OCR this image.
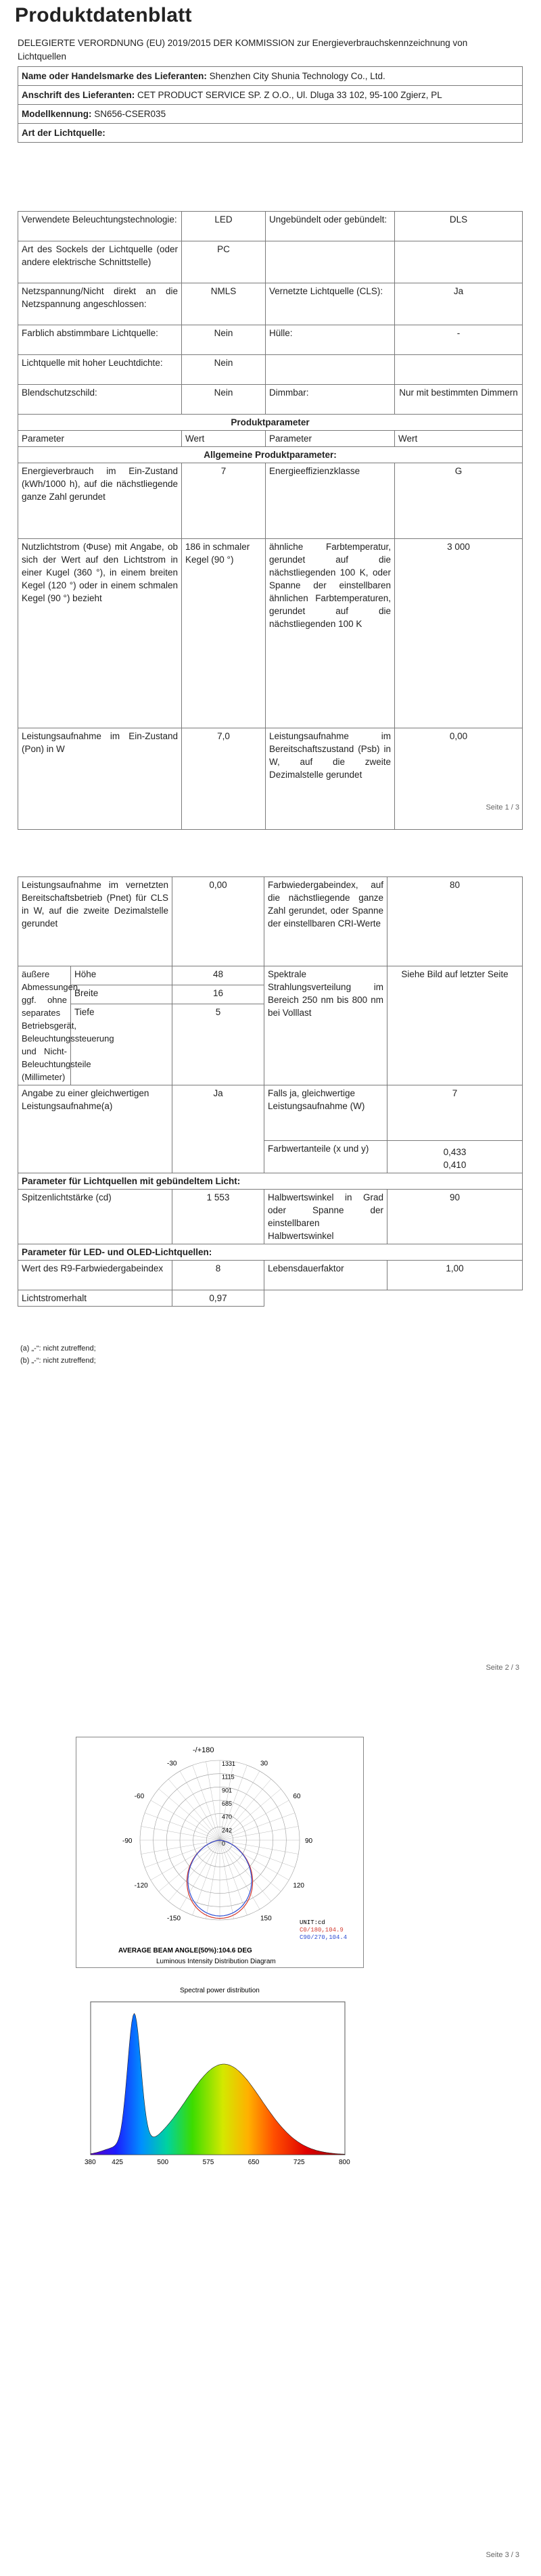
Produktdatenblatt
DELEGIERTE VERORDNUNG (EU) 2019/2015 DER KOMMISSION zur Energieverbrauchskennzeichnung von Lichtquellen
Name oder Handelsmarke des Lieferanten: Shenzhen City Shunia Technology Co., Ltd.
Anschrift des Lieferanten: CET PRODUCT SERVICE SP. Z O.O., Ul. Dluga 33 102, 95-100 Zgierz, PL
Modellkennung: SN656-CSER035
Art der Lichtquelle:
Verwendete Beleuchtungstechnologie:	LED	Ungebündelt oder gebündelt:	DLS
Art des Sockels der Lichtquelle (oder andere elektrische Schnittstelle)	PC		
Netzspannung/Nicht direkt an die Netzspannung angeschlossen:	NMLS	Vernetzte Lichtquelle (CLS):	Ja
Farblich abstimmbare Lichtquelle:	Nein	Hülle:	-
Lichtquelle mit hoher Leuchtdichte:	Nein		
Blendschutzschild:	Nein	Dimmbar:	Nur mit bestimmten Dimmern
Produktparameter			
Parameter	Wert	Parameter	Wert
Allgemeine Produktparameter:			
Energieverbrauch im Ein-Zustand (kWh/1000 h), auf die nächstliegende ganze Zahl gerundet	7	Energieeffizienzklasse	G
Nutzlichtstrom (Φuse) mit Angabe, ob sich der Wert auf den Lichtstrom in einer Kugel (360 °), in einem breiten Kegel (120 °) oder in einem schmalen Kegel (90 °) bezieht	186 in schmaler Kegel (90 °)	ähnliche Farbtemperatur, gerundet auf die nächstliegenden 100 K, oder Spanne der einstellbaren ähnlichen Farbtemperaturen, gerundet auf die nächstliegenden 100 K	3 000
Leistungsaufnahme im Ein-Zustand (Pon) in W	7,0	Leistungsaufnahme im Bereitschaftszustand (Psb) in W, auf die zweite Dezimalstelle gerundet	0,00
Seite 1 / 3
Leistungsaufnahme im vernetzten Bereitschaftsbetrieb (Pnet) für CLS in W, auf die zweite Dezimalstelle gerundet		0,00	Farbwiedergabeindex, auf die nächstliegende ganze Zahl gerundet, oder Spanne der einstellbaren CRI-Werte	80
äußere Abmessungen, ggf. ohne separates Betriebsgerät, Beleuchtungssteuerung und Nicht-Beleuchtungsteile (Millimeter)	Höhe	48	Spektrale Strahlungsverteilung im Bereich 250 nm bis 800 nm bei Volllast	Siehe Bild auf letzter Seite
	Breite	16		
	Tiefe	5		
Angabe zu einer gleichwertigen Leistungsaufnahme(a)		Ja	Falls ja, gleichwertige Leistungsaufnahme (W)	7
			Farbwertanteile (x und y)	0,433
0,410

Parameter für Lichtquellen mit gebündeltem Licht:				
Spitzenlichtstärke (cd)		1 553	Halbwertswinkel in Grad oder Spanne der einstellbaren Halbwertswinkel	90
Parameter für LED- und OLED-Lichtquellen:				
Wert des R9-Farbwiedergabeindex		8	Lebensdauerfaktor	1,00
Lichtstromerhalt		0,97		
(a) „-“: nicht zutreffend;
(b) „-“: nicht zutreffend;
Seite 2 / 3
-150	150
-120	120
-90	90
-60	60
-30	30
1331
1115
901
685
470
242
0
-/+180
UNIT:cd
C0/180,104.9
C90/270,104.4
AVERAGE BEAM ANGLE(50%):104.6 DEG
Luminous Intensity Distribution Diagram
Spectral power distribution
380 425	500	575	650	725	800
Seite 3 / 3
